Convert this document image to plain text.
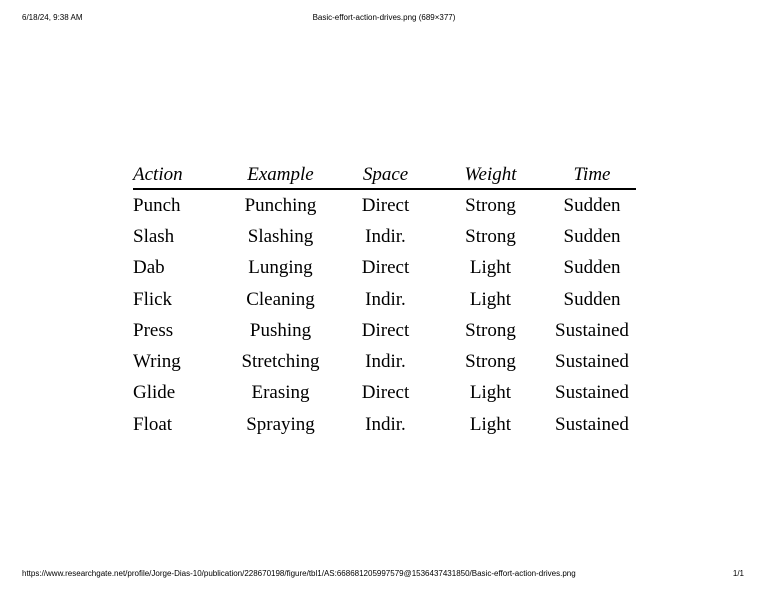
6/18/24, 9:38 AM	Basic-effort-action-drives.png (689×377)
Action	Example	Space	Weight	Time
Punch	Punching	Direct	Strong	Sudden
Slash	Slashing	Indir.	Strong	Sudden
Dab	Lunging	Direct	Light	Sudden
Flick	Cleaning	Indir.	Light	Sudden
Press	Pushing	Direct	Strong	Sustained
Wring	Stretching	Indir.	Strong	Sustained
Glide	Erasing	Direct	Light	Sustained
Float	Spraying	Indir.	Light	Sustained
https://www.researchgate.net/profile/Jorge-Dias-10/publication/228670198/figure/tbl1/AS:668681205997579@1536437431850/Basic-effort-action-drives.png	1/1
